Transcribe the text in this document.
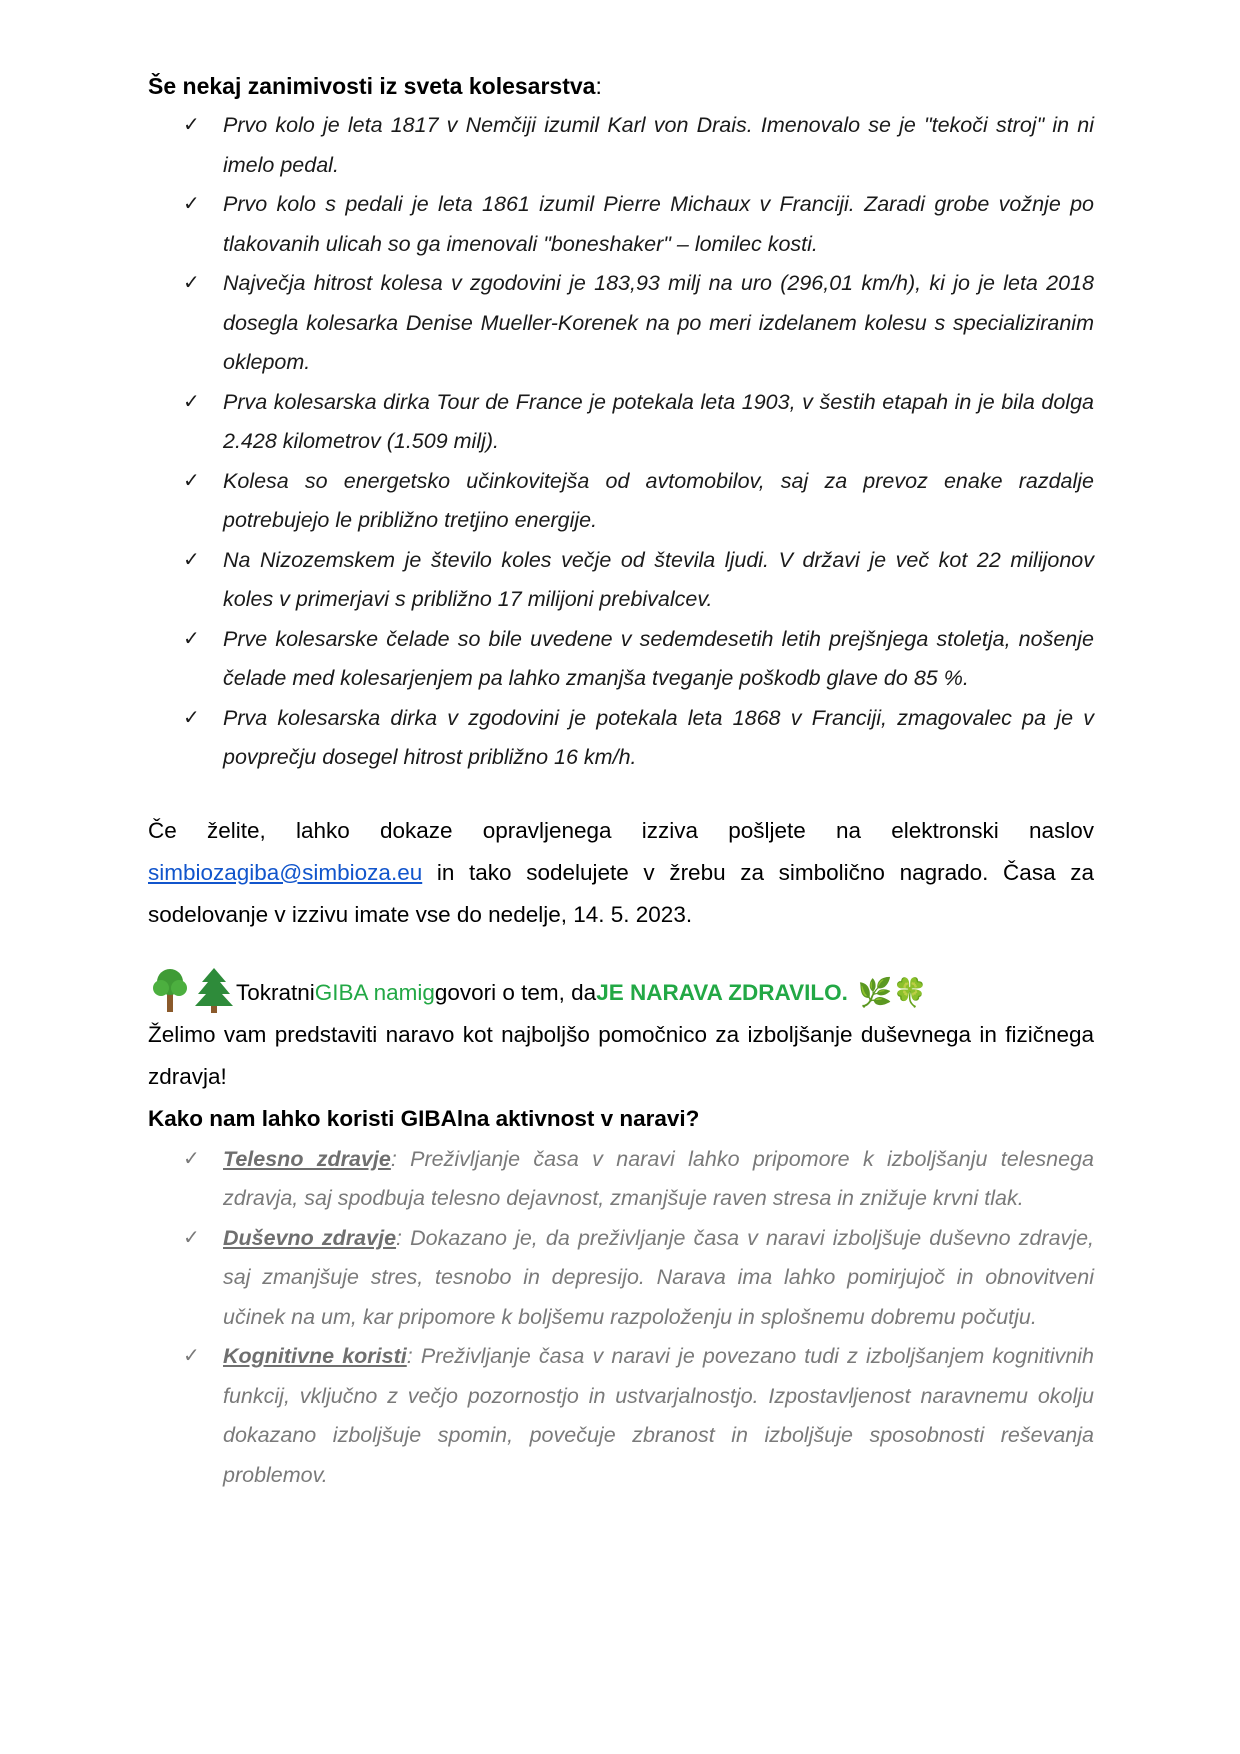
Še nekaj zanimivosti iz sveta kolesarstva:

✓ Prvo kolo je leta 1817 v Nemčiji izumil Karl von Drais. Imenovalo se je "tekoči stroj" in ni imelo pedal.
✓ Prvo kolo s pedali je leta 1861 izumil Pierre Michaux v Franciji. Zaradi grobe vožnje po tlakovanih ulicah so ga imenovali "boneshaker" – lomilec kosti.
✓ Največja hitrost kolesa v zgodovini je 183,93 milj na uro (296,01 km/h), ki jo je leta 2018 dosegla kolesarka Denise Mueller-Korenek na po meri izdelanem kolesu s specializiranim oklepom.
✓ Prva kolesarska dirka Tour de France je potekala leta 1903, v šestih etapah in je bila dolga 2.428 kilometrov (1.509 milj).
✓ Kolesa so energetsko učinkovitejša od avtomobilov, saj za prevoz enake razdalje potrebujejo le približno tretjino energije.
✓ Na Nizozemskem je število koles večje od števila ljudi. V državi je več kot 22 milijonov koles v primerjavi s približno 17 milijoni prebivalcev.
✓ Prve kolesarske čelade so bile uvedene v sedemdesetih letih prejšnjega stoletja, nošenje čelade med kolesarjenjem pa lahko zmanjša tveganje poškodb glave do 85 %.
✓ Prva kolesarska dirka v zgodovini je potekala leta 1868 v Franciji, zmagovalec pa je v povprečju dosegel hitrost približno 16 km/h.

Če želite, lahko dokaze opravljenega izziva pošljete na elektronski naslov simbiozagiba@simbioza.eu in tako sodelujete v žrebu za simbolično nagrado. Časa za sodelovanje v izzivu imate vse do nedelje, 14. 5. 2023.

Tokratni GIBA namig govori o tem, da JE NARAVA ZDRAVILO. 🌿🍀

Želimo vam predstaviti naravo kot najboljšo pomočnico za izboljšanje duševnega in fizičnega zdravja!

Kako nam lahko koristi GIBAlna aktivnost v naravi?

✓ Telesno zdravje: Preživljanje časa v naravi lahko pripomore k izboljšanju telesnega zdravja, saj spodbuja telesno dejavnost, zmanjšuje raven stresa in znižuje krvni tlak.
✓ Duševno zdravje: Dokazano je, da preživljanje časa v naravi izboljšuje duševno zdravje, saj zmanjšuje stres, tesnobo in depresijo. Narava ima lahko pomirjujoč in obnovitveni učinek na um, kar pripomore k boljšemu razpoloženju in splošnemu dobremu počutju.
✓ Kognitivne koristi: Preživljanje časa v naravi je povezano tudi z izboljšanjem kognitivnih funkcij, vključno z večjo pozornostjo in ustvarjalnostjo. Izpostavljenost naravnemu okolju dokazano izboljšuje spomin, povečuje zbranost in izboljšuje sposobnosti reševanja problemov.
